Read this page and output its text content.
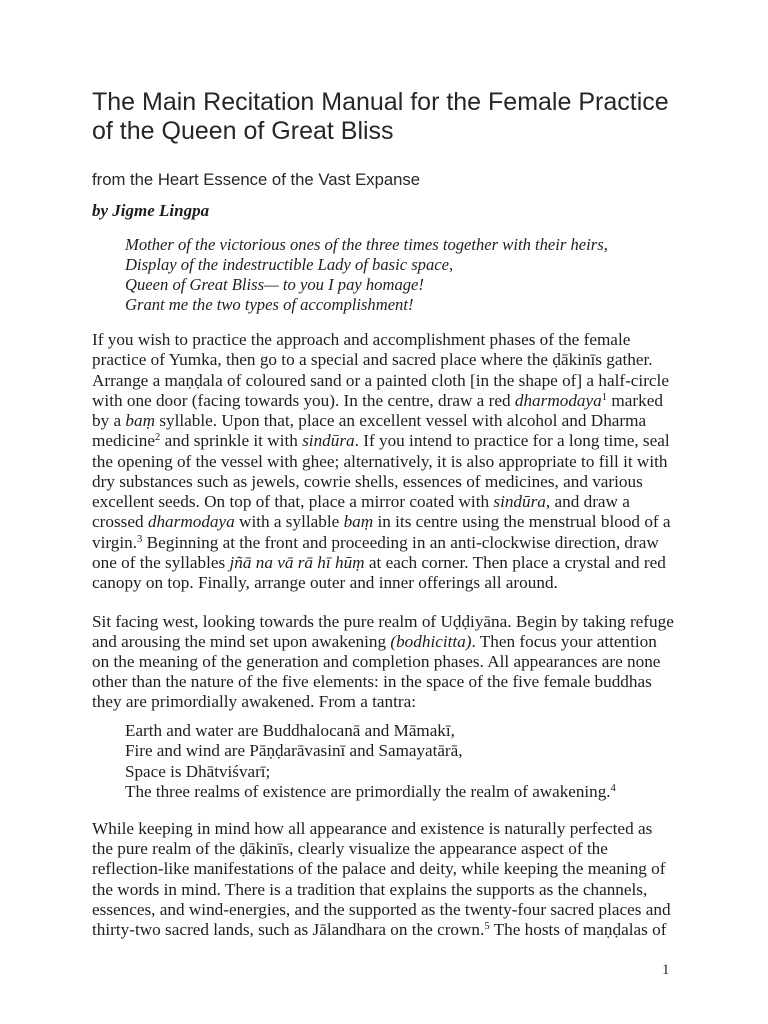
The Main Recitation Manual for the Female Practice
of the Queen of Great Bliss
from the Heart Essence of the Vast Expanse
by Jigme Lingpa
Mother of the victorious ones of the three times together with their heirs,
Display of the indestructible Lady of basic space,
Queen of Great Bliss— to you I pay homage!
Grant me the two types of accomplishment!
If you wish to practice the approach and accomplishment phases of the female
practice of Yumka, then go to a special and sacred place where the ḍākinīs gather.
Arrange a maṇḍala of coloured sand or a painted cloth [in the shape of] a half-circle
with one door (facing towards you). In the centre, draw a red dharmodaya$^1$ marked
by a baṃ syllable. Upon that, place an excellent vessel with alcohol and Dharma
medicine$^2$ and sprinkle it with sindūra. If you intend to practice for a long time, seal
the opening of the vessel with ghee; alternatively, it is also appropriate to fill it with
dry substances such as jewels, cowrie shells, essences of medicines, and various
excellent seeds. On top of that, place a mirror coated with sindūra, and draw a
crossed dharmodaya with a syllable baṃ in its centre using the menstrual blood of a
virgin.$^3$ Beginning at the front and proceeding in an anti-clockwise direction, draw
one of the syllables jñā na vā rā hī hūṃ at each corner. Then place a crystal and red
canopy on top. Finally, arrange outer and inner offerings all around.
Sit facing west, looking towards the pure realm of Uḍḍiyāna. Begin by taking refuge
and arousing the mind set upon awakening (bodhicitta). Then focus your attention
on the meaning of the generation and completion phases. All appearances are none
other than the nature of the five elements: in the space of the five female buddhas
they are primordially awakened. From a tantra:
Earth and water are Buddhalocanā and Māmakī,
Fire and wind are Pāṇḍarāvasinī and Samayatārā,
Space is Dhātviśvarī;
The three realms of existence are primordially the realm of awakening.$^4$
While keeping in mind how all appearance and existence is naturally perfected as
the pure realm of the ḍākinīs, clearly visualize the appearance aspect of the
reflection-like manifestations of the palace and deity, while keeping the meaning of
the words in mind. There is a tradition that explains the supports as the channels,
essences, and wind-energies, and the supported as the twenty-four sacred places and
thirty-two sacred lands, such as Jālandhara on the crown.$^5$ The hosts of maṇḍalas of
1
